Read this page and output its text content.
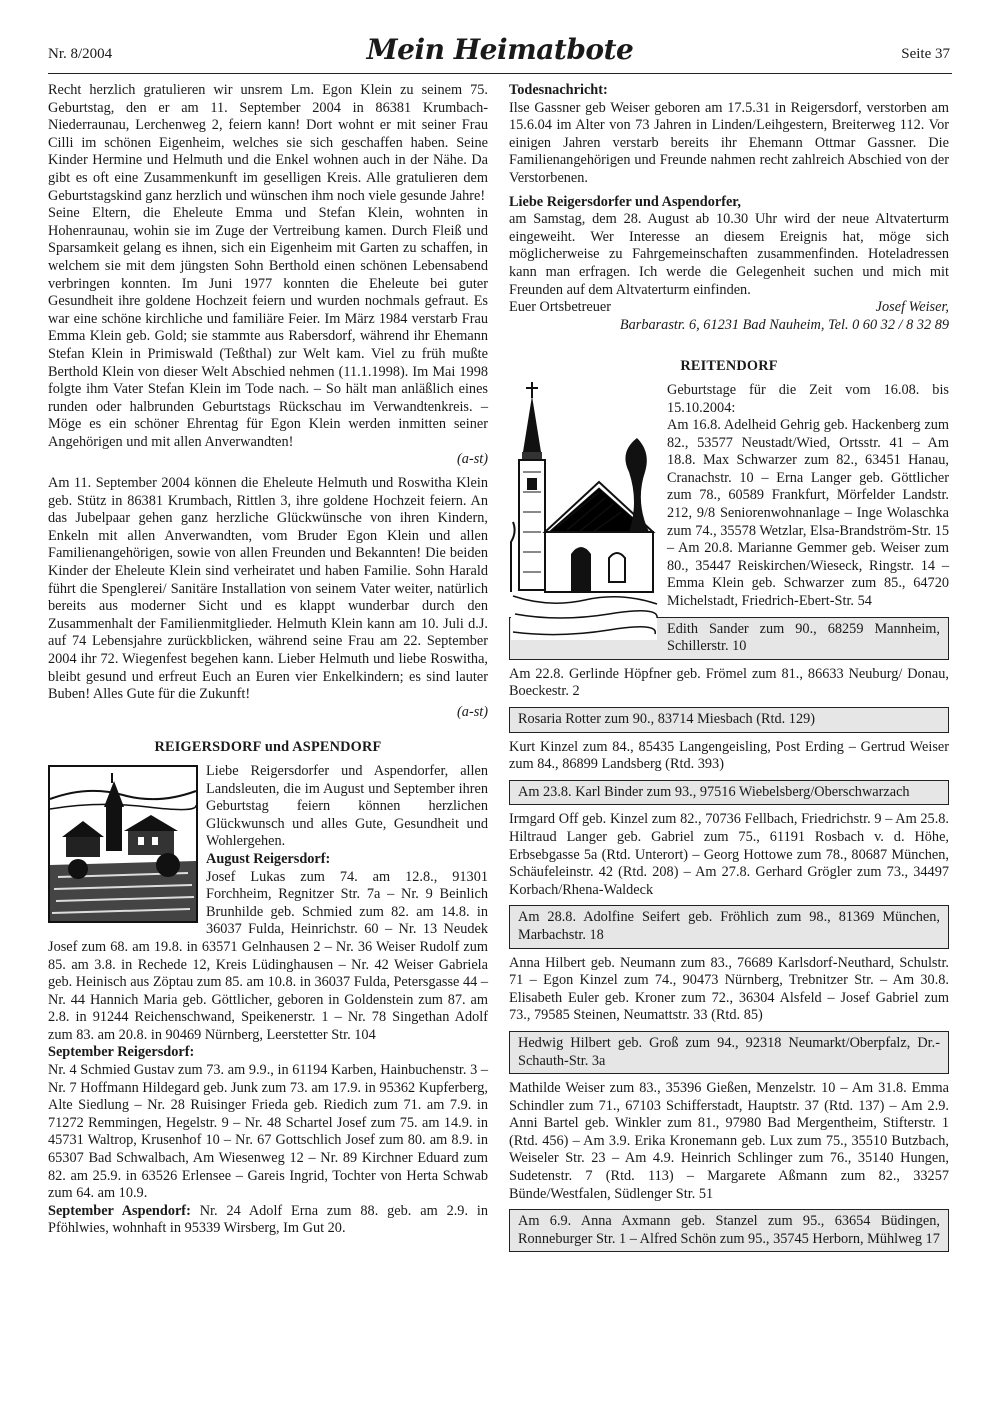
Nr. 8/2004	Mein Heimatbote	Seite 37

Recht herzlich gratulieren wir unsrem Lm. Egon Klein zu seinem 75. Geburtstag, den er am 11. September 2004 in 86381 Krumbach-Niederraunau, Lerchenweg 2, feiern kann! Dort wohnt er mit seiner Frau Cilli im schönen Eigenheim, welches sie sich geschaffen haben. Seine Kinder Hermine und Helmuth und die Enkel wohnen auch in der Nähe. Da gibt es oft eine Zusammenkunft im geselligen Kreis. Alle gratulieren dem Geburtstagskind ganz herzlich und wünschen ihm noch viele gesunde Jahre!

Seine Eltern, die Eheleute Emma und Stefan Klein, wohnten in Hohenraunau, wohin sie im Zuge der Vertreibung kamen. Durch Fleiß und Sparsamkeit gelang es ihnen, sich ein Eigenheim mit Garten zu schaffen, in welchem sie mit dem jüngsten Sohn Berthold einen schönen Lebensabend verbringen konnten. Im Juni 1977 konnten die Eheleute bei guter Gesundheit ihre goldene Hochzeit feiern und wurden nochmals gefraut. Es war eine schöne kirchliche und familiäre Feier. Im März 1984 verstarb Frau Emma Klein geb. Gold; sie stammte aus Rabersdorf, während ihr Ehemann Stefan Klein in Primiswald (Teßthal) zur Welt kam. Viel zu früh mußte Berthold Klein von dieser Welt Abschied nehmen (11.1.1998). Im Mai 1998 folgte ihm Vater Stefan Klein im Tode nach. – So hält man anläßlich eines runden oder halbrunden Geburtstags Rückschau im Verwandtenkreis. – Möge es ein schöner Ehrentag für Egon Klein werden inmitten seiner Angehörigen und mit allen Anverwandten!

(a-st)

Am 11. September 2004 können die Eheleute Helmuth und Roswitha Klein geb. Stütz in 86381 Krumbach, Rittlen 3, ihre goldene Hochzeit feiern. An das Jubelpaar gehen ganz herzliche Glückwünsche von ihren Kindern, Enkeln mit allen Anverwandten, vom Bruder Egon Klein und allen Familienangehörigen, sowie von allen Freunden und Bekannten! Die beiden Kinder der Eheleute Klein sind verheiratet und haben Familie. Sohn Harald führt die Spenglerei/ Sanitäre Installation von seinem Vater weiter, natürlich bereits aus moderner Sicht und es klappt wunderbar durch den Zusammenhalt der Familienmitglieder. Helmuth Klein kann am 10. Juli d.J. auf 74 Lebensjahre zurückblicken, während seine Frau am 22. September 2004 ihr 72. Wiegenfest begehen kann. Lieber Helmuth und liebe Roswitha, bleibt gesund und erfreut Euch an Euren vier Enkelkindern; es sind lauter Buben! Alles Gute für die Zukunft!

(a-st)

REIGERSDORF und ASPENDORF

Liebe Reigersdorfer und Aspendorfer, allen Landsleuten, die im August und September ihren Geburtstag feiern können herzlichen Glückwunsch und alles Gute, Gesundheit und Wohlergehen.

August Reigersdorf:

Josef Lukas zum 74. am 12.8., 91301 Forchheim, Regnitzer Str. 7a – Nr. 9 Beinlich Brunhilde geb. Schmied zum 82. am 14.8. in 36037 Fulda, Heinrichstr. 60 – Nr. 13 Neudek Josef zum 68. am 19.8. in 63571 Gelnhausen 2 – Nr. 36 Weiser Rudolf zum 85. am 3.8. in Rechede 12, Kreis Lüdinghausen – Nr. 42 Weiser Gabriela geb. Heinisch aus Zöptau zum 85. am 10.8. in 36037 Fulda, Petersgasse 44 – Nr. 44 Hannich Maria geb. Göttlicher, geboren in Goldenstein zum 87. am 2.8. in 91244 Reichenschwand, Speikenerstr. 1 – Nr. 78 Singethan Adolf zum 83. am 20.8. in 90469 Nürnberg, Leerstetter Str. 104

September Reigersdorf:

Nr. 4 Schmied Gustav zum 73. am 9.9., in 61194 Karben, Hainbuchenstr. 3 – Nr. 7 Hoffmann Hildegard geb. Junk zum 73. am 17.9. in 95362 Kupferberg, Alte Siedlung – Nr. 28 Ruisinger Frieda geb. Riedich zum 71. am 7.9. in 71272 Remmingen, Hegelstr. 9 – Nr. 48 Schartel Josef zum 75. am 14.9. in 45731 Waltrop, Krusenhof 10 – Nr. 67 Gottschlich Josef zum 80. am 8.9. in 65307 Bad Schwalbach, Am Wiesenweg 12 – Nr. 89 Kirchner Eduard zum 82. am 25.9. in 63526 Erlensee – Gareis Ingrid, Tochter von Herta Schwab zum 64. am 10.9.

September Aspendorf: Nr. 24 Adolf Erna zum 88. geb. am 2.9. in Pföhlwies, wohnhaft in 95339 Wirsberg, Im Gut 20.

Todesnachricht:

Ilse Gassner geb Weiser geboren am 17.5.31 in Reigersdorf, verstorben am 15.6.04 im Alter von 73 Jahren in Linden/Leihgestern, Breiterweg 112. Vor einigen Jahren verstarb bereits ihr Ehemann Ottmar Gassner. Die Familienangehörigen und Freunde nahmen recht zahlreich Abschied von der Verstorbenen.

Liebe Reigersdorfer und Aspendorfer,

am Samstag, dem 28. August ab 10.30 Uhr wird der neue Altvaterturm eingeweiht. Wer Interesse an diesem Ereignis hat, möge sich möglicherweise zu Fahrgemeinschaften zusammenfinden. Hoteladressen kann man erfragen. Ich werde die Gelegenheit suchen und mich mit Freunden auf dem Altvaterturm einfinden.

Euer Ortsbetreuer	Josef Weiser,

Barbarastr. 6, 61231 Bad Nauheim, Tel. 0 60 32 / 8 32 89

REITENDORF

Geburtstage für die Zeit vom 16.08. bis 15.10.2004:

Am 16.8. Adelheid Gehrig geb. Hackenberg zum 82., 53577 Neustadt/Wied, Ortsstr. 41 – Am 18.8. Max Schwarzer zum 82., 63451 Hanau, Cranachstr. 10 – Erna Langer geb. Göttlicher zum 78., 60589 Frankfurt, Mörfelder Landstr. 212, 9/8 Seniorenwohnanlage – Inge Wolaschka zum 74., 35578 Wetzlar, Elsa-Brandström-Str. 15 – Am 20.8. Marianne Gemmer geb. Weiser zum 80., 35447 Reiskirchen/Wieseck, Ringstr. 14 – Emma Klein geb. Schwarzer zum 85., 64720 Michelstadt, Friedrich-Ebert-Str. 54

Edith Sander zum 90., 68259 Mannheim, Schillerstr. 10

Am 22.8. Gerlinde Höpfner geb. Frömel zum 81., 86633 Neuburg/ Donau, Boeckestr. 2

Rosaria Rotter zum 90., 83714 Miesbach (Rtd. 129)

Kurt Kinzel zum 84., 85435 Langengeisling, Post Erding – Gertrud Weiser zum 84., 86899 Landsberg (Rtd. 393)

Am 23.8. Karl Binder zum 93., 97516 Wiebelsberg/Oberschwarzach

Irmgard Off geb. Kinzel zum 82., 70736 Fellbach, Friedrichstr. 9 – Am 25.8. Hiltraud Langer geb. Gabriel zum 75., 61191 Rosbach v. d. Höhe, Erbsebgasse 5a (Rtd. Unterort) – Georg Hottowe zum 78., 80687 München, Schäufeleinstr. 42 (Rtd. 208) – Am 27.8. Gerhard Grögler zum 73., 34497 Korbach/Rhena-Waldeck

Am 28.8. Adolfine Seifert geb. Fröhlich zum 98., 81369 München, Marbachstr. 18

Anna Hilbert geb. Neumann zum 83., 76689 Karlsdorf-Neuthard, Schulstr. 71 – Egon Kinzel zum 74., 90473 Nürnberg, Trebnitzer Str. – Am 30.8. Elisabeth Euler geb. Kroner zum 72., 36304 Alsfeld – Josef Gabriel zum 73., 79585 Steinen, Neumattstr. 33 (Rtd. 85)

Hedwig Hilbert geb. Groß zum 94., 92318 Neumarkt/Oberpfalz, Dr.-Schauth-Str. 3a

Mathilde Weiser zum 83., 35396 Gießen, Menzelstr. 10 – Am 31.8. Emma Schindler zum 71., 67103 Schifferstadt, Hauptstr. 37 (Rtd. 137) – Am 2.9. Anni Bartel geb. Winkler zum 81., 97980 Bad Mergentheim, Stifterstr. 1 (Rtd. 456) – Am 3.9. Erika Kronemann geb. Lux zum 75., 35510 Butzbach, Weiseler Str. 23 – Am 4.9. Heinrich Schlinger zum 76., 35140 Hungen, Sudetenstr. 7 (Rtd. 113) – Margarete Aßmann zum 82., 33257 Bünde/Westfalen, Südlenger Str. 51

Am 6.9. Anna Axmann geb. Stanzel zum 95., 63654 Büdingen, Ronneburger Str. 1 – Alfred Schön zum 95., 35745 Herborn, Mühlweg 17
